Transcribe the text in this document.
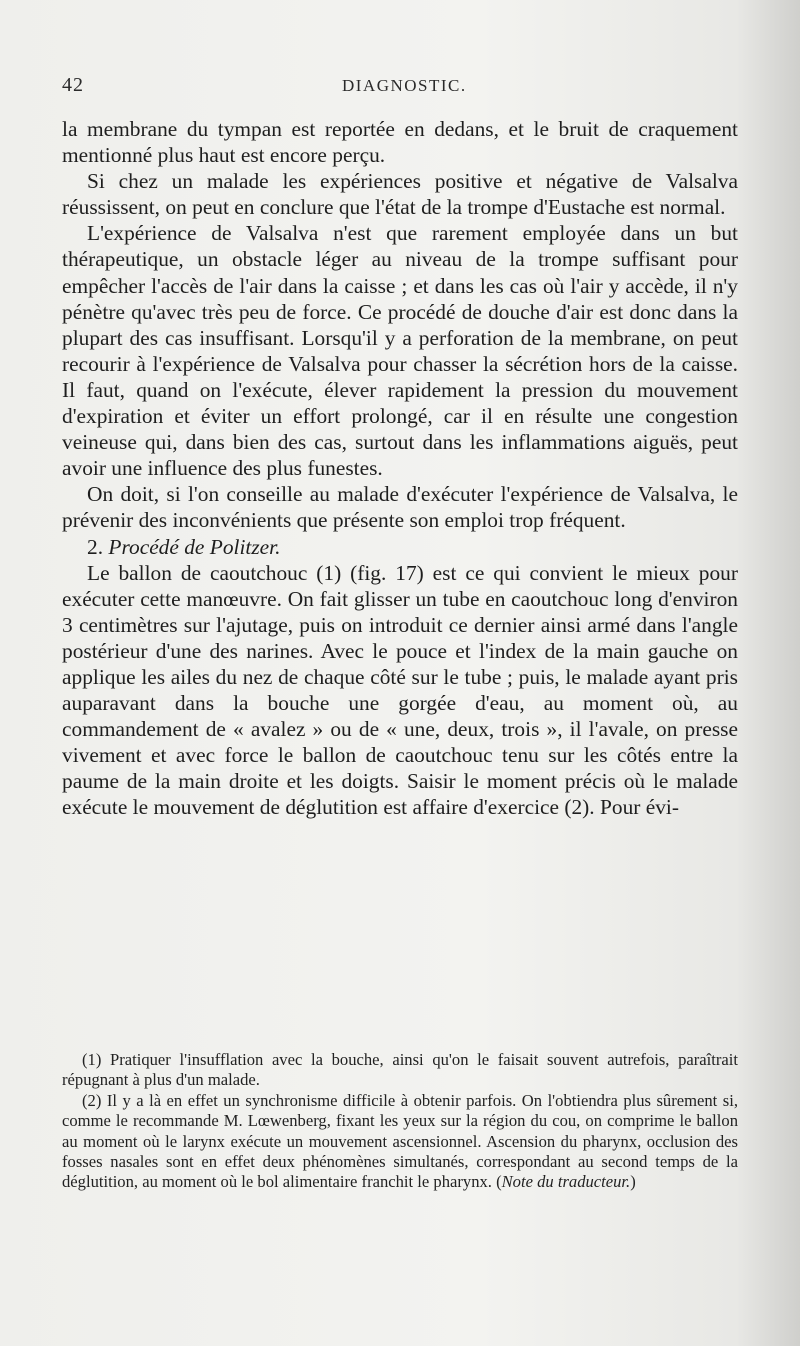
42	DIAGNOSTIC.

la membrane du tympan est reportée en dedans, et le bruit de craquement mentionné plus haut est encore perçu.

Si chez un malade les expériences positive et négative de Valsalva réussissent, on peut en conclure que l'état de la trompe d'Eustache est normal.

L'expérience de Valsalva n'est que rarement employée dans un but thérapeutique, un obstacle léger au niveau de la trompe suffisant pour empêcher l'accès de l'air dans la caisse ; et dans les cas où l'air y accède, il n'y pénètre qu'avec très peu de force. Ce procédé de douche d'air est donc dans la plupart des cas insuffisant. Lorsqu'il y a perforation de la membrane, on peut recourir à l'expérience de Valsalva pour chasser la sécrétion hors de la caisse. Il faut, quand on l'exécute, élever rapidement la pression du mouvement d'expiration et éviter un effort prolongé, car il en résulte une congestion veineuse qui, dans bien des cas, surtout dans les inflammations aiguës, peut avoir une influence des plus funestes.

On doit, si l'on conseille au malade d'exécuter l'expérience de Valsalva, le prévenir des inconvénients que présente son emploi trop fréquent.

2. Procédé de Politzer.

Le ballon de caoutchouc (1) (fig. 17) est ce qui convient le mieux pour exécuter cette manœuvre. On fait glisser un tube en caoutchouc long d'environ 3 centimètres sur l'ajutage, puis on introduit ce dernier ainsi armé dans l'angle postérieur d'une des narines. Avec le pouce et l'index de la main gauche on applique les ailes du nez de chaque côté sur le tube ; puis, le malade ayant pris auparavant dans la bouche une gorgée d'eau, au moment où, au commandement de « avalez » ou de « une, deux, trois », il l'avale, on presse vivement et avec force le ballon de caoutchouc tenu sur les côtés entre la paume de la main droite et les doigts. Saisir le moment précis où le malade exécute le mouvement de déglutition est affaire d'exercice (2). Pour évi-

(1) Pratiquer l'insufflation avec la bouche, ainsi qu'on le faisait souvent autrefois, paraîtrait répugnant à plus d'un malade.

(2) Il y a là en effet un synchronisme difficile à obtenir parfois. On l'obtiendra plus sûrement si, comme le recommande M. Lœwenberg, fixant les yeux sur la région du cou, on comprime le ballon au moment où le larynx exécute un mouvement ascensionnel. Ascension du pharynx, occlusion des fosses nasales sont en effet deux phénomènes simultanés, correspondant au second temps de la déglutition, au moment où le bol alimentaire franchit le pharynx. (Note du traducteur.)
